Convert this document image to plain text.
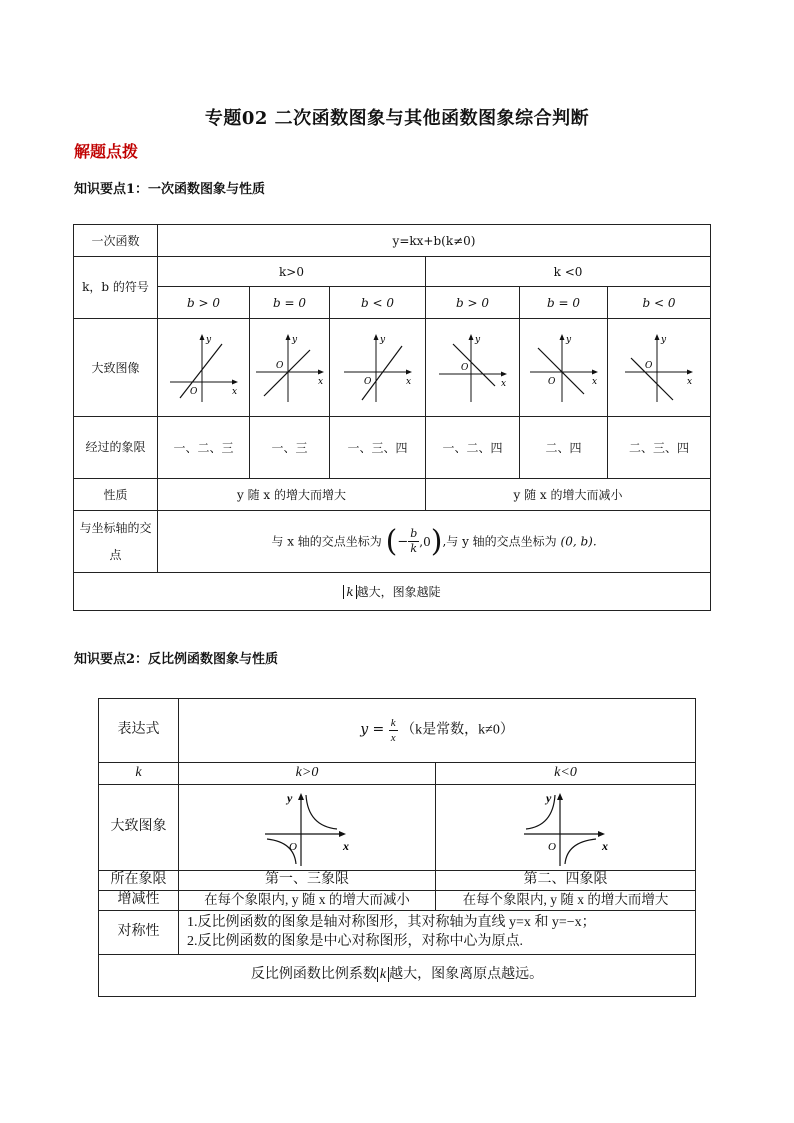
专题02 二次函数图象与其他函数图象综合判断
解题点拨
知识要点1：一次函数图象与性质
一次函数	y=kx+b(k≠0)					
k，b 的符号	k>0			k <0		
	b > 0	b = 0	b < 0	b > 0	b = 0	b < 0
大致图像	y
x
O	y
x
O	y
x
O	y
x
O	y
x
O	y
x
O

经过的象限	一、二、三	一、三	一、三、四	一、二、四	二、四	二、三、四
性质	y 随 x 的增大而增大			y 随 x 的增大而减小		
与坐标轴的交点	与 x 轴的交点坐标为 (− $\frac{b}{k} ,0$),与 y 轴的交点坐标为 (0, b).					
k 越大，图象越陡						
知识要点2：反比例函数图象与性质
表达式	$y = \frac{k}{x} (k$是常数，k≠0）	
k	k>0	k<0
大致图象	y
x
O	y
x
O

所在象限	第一、三象限	第二、四象限
增减性	在每个象限内, y 随 x 的增大而减小	在每个象限内, y 随 x 的增大而增大
对称性	1.反比例函数的图象是轴对称图形，其对称轴为直线 y=x 和 y=−x；
2.反比例函数的图象是中心对称图形，对称中心为原点.	

反比例函数比例系数 k 越大，图象离原点越远。		
